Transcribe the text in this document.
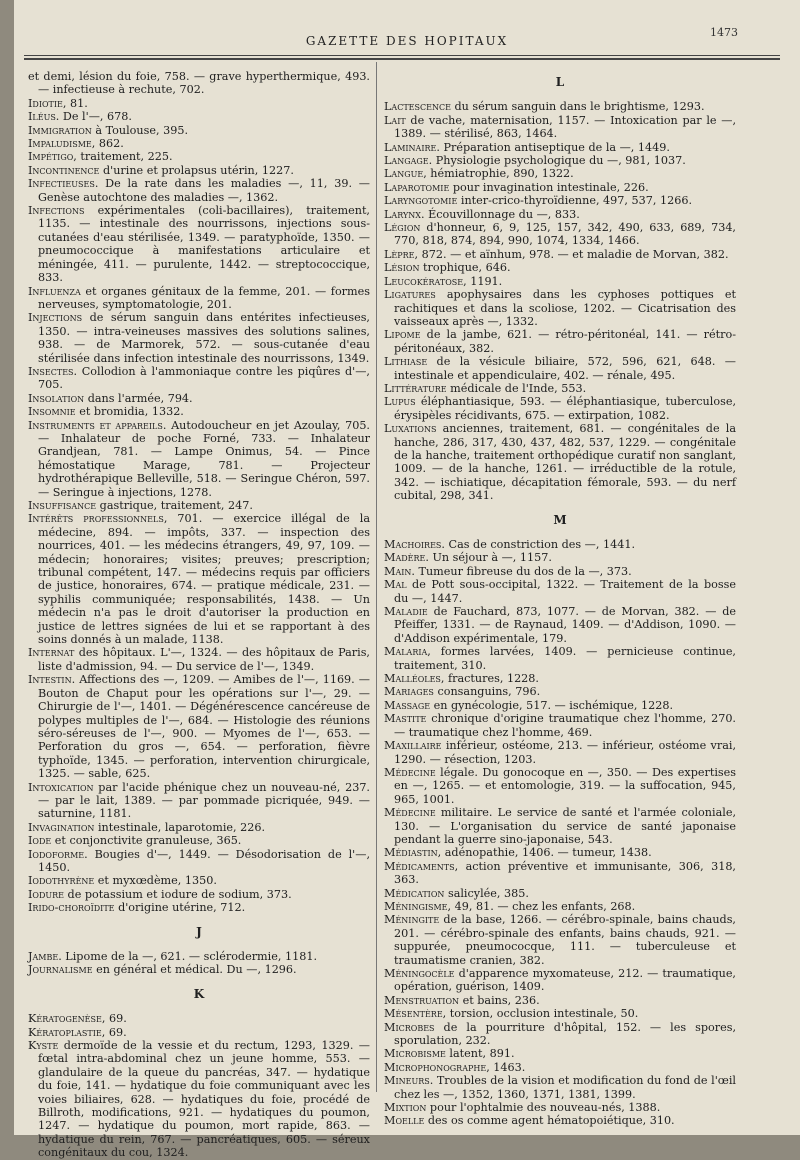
GAZETTE DES HOPITAUX
1473

et demi, lésion du foie, 758. — grave hyperthermique, 493. — infectieuse à rechute, 702.

Idiotie, 81.

Iléus. De l'—, 678.

Immigration à Toulouse, 395.

Impaludisme, 862.

Impétigo, traitement, 225.

Incontinence d'urine et prolapsus utérin, 1227.

Infectieuses. De la rate dans les maladies —, 11, 39. — Genèse autochtone des maladies —, 1362.

Infections expérimentales (coli-bacillaires), traitement, 1135. — intestinale des nourrissons, injections sous-cutanées d'eau stérilisée, 1349. — paratyphoïde, 1350. — pneumococcique à manifestations articulaire et méningée, 411. — purulente, 1442. — streptococcique, 833.

Influenza et organes génitaux de la femme, 201. — formes nerveuses, symptomatologie, 201.

Injections de sérum sanguin dans entérites infectieuses, 1350. — intra-veineuses massives des solutions salines, 938. — de Marmorek, 572. — sous-cutanée d'eau stérilisée dans infection intestinale des nourrissons, 1349.

Insectes. Collodion à l'ammoniaque contre les piqûres d'—, 705.

Insolation dans l'armée, 794.

Insomnie et bromidia, 1332.

Instruments et appareils. Autodoucheur en jet Azoulay, 705. — Inhalateur de poche Forné, 733. — Inhalateur Grandjean, 781. — Lampe Onimus, 54. — Pince hémostatique Marage, 781. — Projecteur hydrothérapique Belleville, 518. — Seringue Chéron, 597. — Seringue à injections, 1278.

Insuffisance gastrique, traitement, 247.

Intérêts professionnels, 701. — exercice illégal de la médecine, 894. — impôts, 337. — inspection des nourrices, 401. — les médecins étrangers, 49, 97, 109. — médecin; honoraires; visites; preuves; prescription; tribunal compétent, 147. — médecins requis par officiers de justice, honoraires, 674. — pratique médicale, 231. — syphilis communiquée; responsabilités, 1438. — Un médecin n'a pas le droit d'autoriser la production en justice de lettres signées de lui et se rapportant à des soins donnés à un malade, 1138.

Internat des hôpitaux. L'—, 1324. — des hôpitaux de Paris, liste d'admission, 94. — Du service de l'—, 1349.

Intestin. Affections des —, 1209. — Amibes de l'—, 1169. — Bouton de Chaput pour les opérations sur l'—, 29. — Chirurgie de l'—, 1401. — Dégénérescence cancéreuse de polypes multiples de l'—, 684. — Histologie des réunions séro-séreuses de l'—, 900. — Myomes de l'—, 653. — Perforation du gros —, 654. — perforation, fièvre typhoïde, 1345. — perforation, intervention chirurgicale, 1325. — sable, 625.

Intoxication par l'acide phénique chez un nouveau-né, 237. — par le lait, 1389. — par pommade picriquée, 949. — saturnine, 1181.

Invagination intestinale, laparotomie, 226.

Iode et conjonctivite granuleuse, 365.

Iodoforme. Bougies d'—, 1449. — Désodorisation de l'—, 1450.

Iodothyrène et myxœdème, 1350.

Iodure de potassium et iodure de sodium, 373.

Irido-choroïdite d'origine utérine, 712.

J

Jambe. Lipome de la —, 621. — sclérodermie, 1181.

Journalisme en général et médical. Du —, 1296.

K

Kératogenèse, 69.

Kératoplastie, 69.

Kyste dermoïde de la vessie et du rectum, 1293, 1329. — fœtal intra-abdominal chez un jeune homme, 553. — glandulaire de la queue du pancréas, 347. — hydatique du foie, 141. — hydatique du foie communiquant avec les voies biliaires, 628. — hydatiques du foie, procédé de Billroth, modifications, 921. — hydatiques du poumon, 1247. — hydatique du poumon, mort rapide, 863. — hydatique du rein, 767. — pancréatiques, 605. — séreux congénitaux du cou, 1324.

L

Lactescence du sérum sanguin dans le brightisme, 1293.

Lait de vache, maternisation, 1157. — Intoxication par le —, 1389. — stérilisé, 863, 1464.

Laminaire. Préparation antiseptique de la —, 1449.

Langage. Physiologie psychologique du —, 981, 1037.

Langue, hémiatrophie, 890, 1322.

Laparotomie pour invagination intestinale, 226.

Laryngotomie inter-crico-thyroïdienne, 497, 537, 1266.

Larynx. Écouvillonnage du —, 833.

Légion d'honneur, 6, 9, 125, 157, 342, 490, 633, 689, 734, 770, 818, 874, 894, 990, 1074, 1334, 1466.

Lèpre, 872. — et aïnhum, 978. — et maladie de Morvan, 382.

Lésion trophique, 646.

Leucokératose, 1191.

Ligatures apophysaires dans les cyphoses pottiques et rachitiques et dans la scoliose, 1202. — Cicatrisation des vaisseaux après —, 1332.

Lipome de la jambe, 621. — rétro-péritonéal, 141. — rétro-péritonéaux, 382.

Lithiase de la vésicule biliaire, 572, 596, 621, 648. — intestinale et appendiculaire, 402. — rénale, 495.

Littérature médicale de l'Inde, 553.

Lupus éléphantiasique, 593. — éléphantiasique, tuberculose, érysipèles récidivants, 675. — extirpation, 1082.

Luxations anciennes, traitement, 681. — congénitales de la hanche, 286, 317, 430, 437, 482, 537, 1229. — congénitale de la hanche, traitement orthopédique curatif non sanglant, 1009. — de la hanche, 1261. — irréductible de la rotule, 342. — ischiatique, décapitation fémorale, 593. — du nerf cubital, 298, 341.

M

Machoires. Cas de constriction des —, 1441.

Madère. Un séjour à —, 1157.

Main. Tumeur fibreuse du dos de la —, 373.

Mal de Pott sous-occipital, 1322. — Traitement de la bosse du —, 1447.

Maladie de Fauchard, 873, 1077. — de Morvan, 382. — de Pfeiffer, 1331. — de Raynaud, 1409. — d'Addison, 1090. — d'Addison expérimentale, 179.

Malaria, formes larvées, 1409. — pernicieuse continue, traitement, 310.

Malléoles, fractures, 1228.

Mariages consanguins, 796.

Massage en gynécologie, 517. — ischémique, 1228.

Mastite chronique d'origine traumatique chez l'homme, 270. — traumatique chez l'homme, 469.

Maxillaire inférieur, ostéome, 213. — inférieur, ostéome vrai, 1290. — résection, 1203.

Médecine légale. Du gonocoque en —, 350. — Des expertises en —, 1265. — et entomologie, 319. — la suffocation, 945, 965, 1001.

Médecine militaire. Le service de santé et l'armée coloniale, 130. — L'organisation du service de santé japonaise pendant la guerre sino-japonaise, 543.

Médiastin, adénopathie, 1406. — tumeur, 1438.

Médicaments, action préventive et immunisante, 306, 318, 363.

Médication salicylée, 385.

Méningisme, 49, 81. — chez les enfants, 268.

Méningite de la base, 1266. — cérébro-spinale, bains chauds, 201. — cérébro-spinale des enfants, bains chauds, 921. — suppurée, pneumococque, 111. — tuberculeuse et traumatisme cranien, 382.

Méningocèle d'apparence myxomateuse, 212. — traumatique, opération, guérison, 1409.

Menstruation et bains, 236.

Mésentère, torsion, occlusion intestinale, 50.

Microbes de la pourriture d'hôpital, 152. — les spores, sporulation, 232.

Microbisme latent, 891.

Microphonographe, 1463.

Mineurs. Troubles de la vision et modification du fond de l'œil chez les —, 1352, 1360, 1371, 1381, 1399.

Mixtion pour l'ophtalmie des nouveau-nés, 1388.

Moelle des os comme agent hématopoiétique, 310.
